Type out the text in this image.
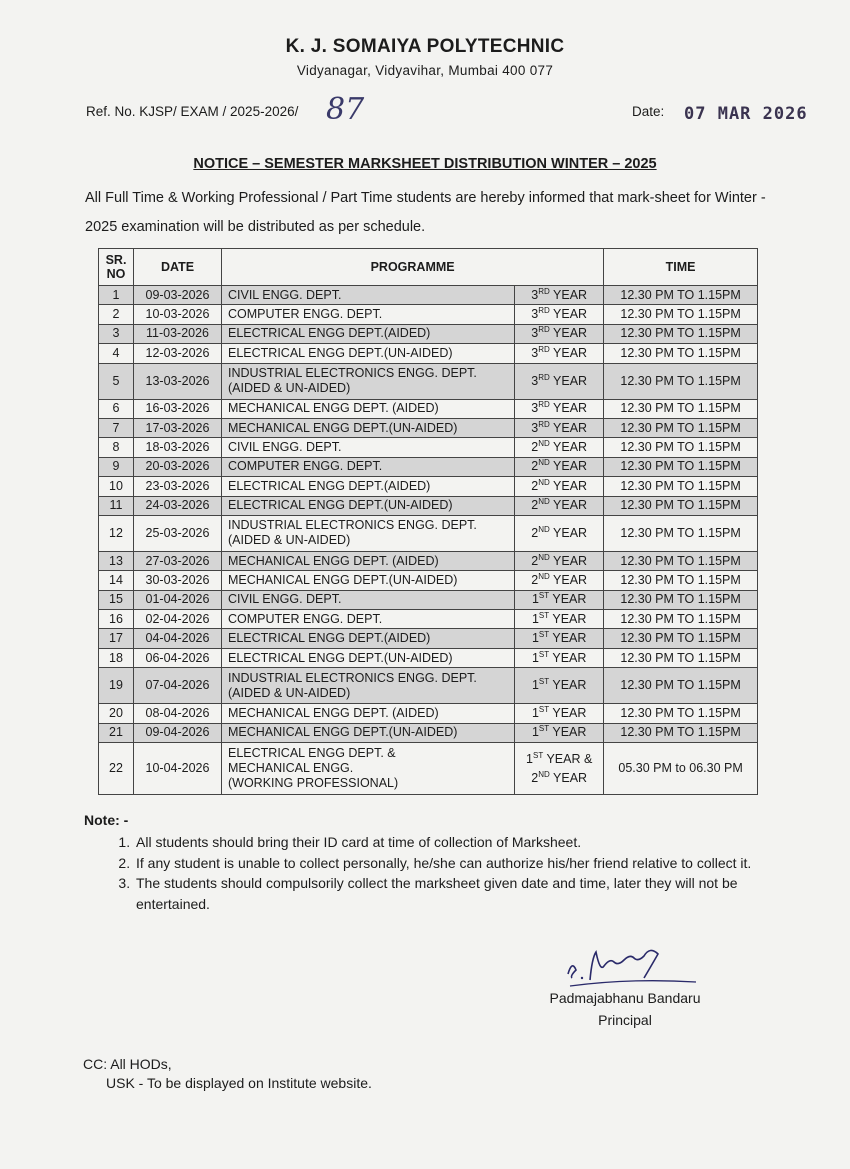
K. J. SOMAIYA POLYTECHNIC
Vidyanagar, Vidyavihar, Mumbai 400 077
Ref. No. KJSP/ EXAM / 2025-2026/ 87	Date: 07 MAR 2026
NOTICE – SEMESTER MARKSHEET DISTRIBUTION WINTER – 2025
All Full Time & Working Professional / Part Time students are hereby informed that mark-sheet for Winter - 2025 examination will be distributed as per schedule.
SR. NO	DATE	PROGRAMME		TIME
1	09-03-2026	CIVIL ENGG. DEPT.	3RD YEAR	12.30 PM TO 1.15PM
2	10-03-2026	COMPUTER ENGG. DEPT.	3RD YEAR	12.30 PM TO 1.15PM
3	11-03-2026	ELECTRICAL ENGG DEPT.(AIDED)	3RD YEAR	12.30 PM TO 1.15PM
4	12-03-2026	ELECTRICAL ENGG DEPT.(UN-AIDED)	3RD YEAR	12.30 PM TO 1.15PM
5	13-03-2026	INDUSTRIAL ELECTRONICS ENGG. DEPT.
(AIDED & UN-AIDED)	3RD YEAR	12.30 PM TO 1.15PM
6	16-03-2026	MECHANICAL ENGG DEPT. (AIDED)	3RD YEAR	12.30 PM TO 1.15PM
7	17-03-2026	MECHANICAL ENGG DEPT.(UN-AIDED)	3RD YEAR	12.30 PM TO 1.15PM
8	18-03-2026	CIVIL ENGG. DEPT.	2ND YEAR	12.30 PM TO 1.15PM
9	20-03-2026	COMPUTER ENGG. DEPT.	2ND YEAR	12.30 PM TO 1.15PM
10	23-03-2026	ELECTRICAL ENGG DEPT.(AIDED)	2ND YEAR	12.30 PM TO 1.15PM
11	24-03-2026	ELECTRICAL ENGG DEPT.(UN-AIDED)	2ND YEAR	12.30 PM TO 1.15PM
12	25-03-2026	INDUSTRIAL ELECTRONICS ENGG. DEPT.
(AIDED & UN-AIDED)	2ND YEAR	12.30 PM TO 1.15PM
13	27-03-2026	MECHANICAL ENGG DEPT. (AIDED)	2ND YEAR	12.30 PM TO 1.15PM
14	30-03-2026	MECHANICAL ENGG DEPT.(UN-AIDED)	2ND YEAR	12.30 PM TO 1.15PM
15	01-04-2026	CIVIL ENGG. DEPT.	1ST YEAR	12.30 PM TO 1.15PM
16	02-04-2026	COMPUTER ENGG. DEPT.	1ST YEAR	12.30 PM TO 1.15PM
17	04-04-2026	ELECTRICAL ENGG DEPT.(AIDED)	1ST YEAR	12.30 PM TO 1.15PM
18	06-04-2026	ELECTRICAL ENGG DEPT.(UN-AIDED)	1ST YEAR	12.30 PM TO 1.15PM
19	07-04-2026	INDUSTRIAL ELECTRONICS ENGG. DEPT.
(AIDED & UN-AIDED)	1ST YEAR	12.30 PM TO 1.15PM
20	08-04-2026	MECHANICAL ENGG DEPT. (AIDED)	1ST YEAR	12.30 PM TO 1.15PM
21	09-04-2026	MECHANICAL ENGG DEPT.(UN-AIDED)	1ST YEAR	12.30 PM TO 1.15PM
22	10-04-2026	ELECTRICAL ENGG DEPT. &
MECHANICAL ENGG.
(WORKING PROFESSIONAL)	1ST YEAR &
2ND YEAR	05.30 PM to 06.30 PM
Note: -
1. All students should bring their ID card at time of collection of Marksheet.
2. If any student is unable to collect personally, he/she can authorize his/her friend relative to collect it.
3. The students should compulsorily collect the marksheet given date and time, later they will not be entertained.
Padmajabhanu Bandaru
Principal
CC: All HODs,
USK - To be displayed on Institute website.
